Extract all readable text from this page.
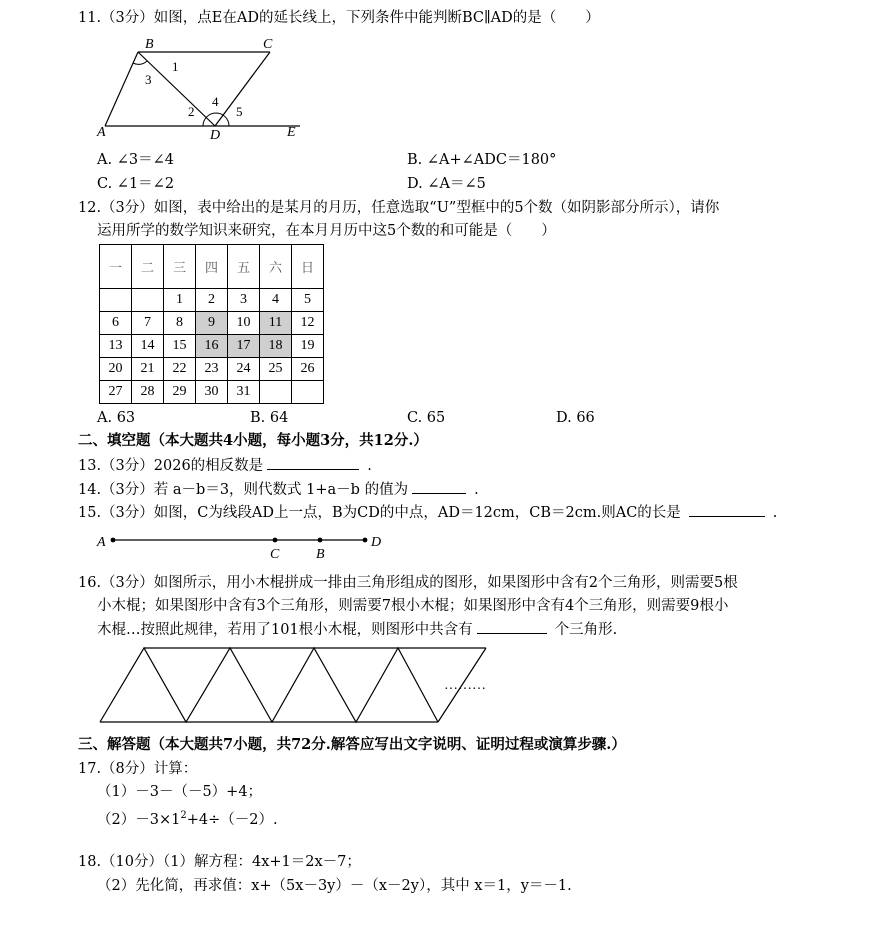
11.（3分）如图，点E在AD的延长线上，下列条件中能判断BC∥AD的是（　　）
B	C
A	D	E
1
2
3
4
5
A. ∠3＝∠4	B. ∠A+∠ADC＝180°
C. ∠1＝∠2	D. ∠A＝∠5
12.（3分）如图，表中给出的是某月的月历，任意选取“U”型框中的5个数（如阴影部分所示），请你
运用所学的数学知识来研究，在本月月历中这5个数的和可能是（　　）
一	二	三	四	五	六	日
		1	2	3	4	5
6	7	8	9	10	11	12
13	14	15	16	17	18	19
20	21	22	23	24	25	26
27	28	29	30	31		
A. 63	B. 64	C. 65	D. 66
二、填空题（本大题共4小题，每小题3分，共12分.）
13.（3分）2026的相反数是	.
14.（3分）若 a－b＝3，则代数式 1+a－b 的值为	.
15.（3分）如图，C为线段AD上一点，B为CD的中点，AD＝12cm，CB＝2cm.则AC的长是	.
A
C	B
D
16.（3分）如图所示，用小木棍拼成一排由三角形组成的图形，如果图形中含有2个三角形，则需要5根
小木棍；如果图形中含有3个三角形，则需要7根小木棍；如果图形中含有4个三角形，则需要9根小
木棍…按照此规律，若用了101根小木棍，则图形中共含有	个三角形.
………
三、解答题（本大题共7小题，共72分.解答应写出文字说明、证明过程或演算步骤.）
17.（8分）计算：
（1）－3－（－5）+4；
$(2)-3\times 1^2+4\div(-2)$.
18.（10分）（1）解方程：4x+1＝2x－7；
（2）先化简，再求值：x+（5x－3y）－（x－2y），其中 x＝1，y＝－1.
